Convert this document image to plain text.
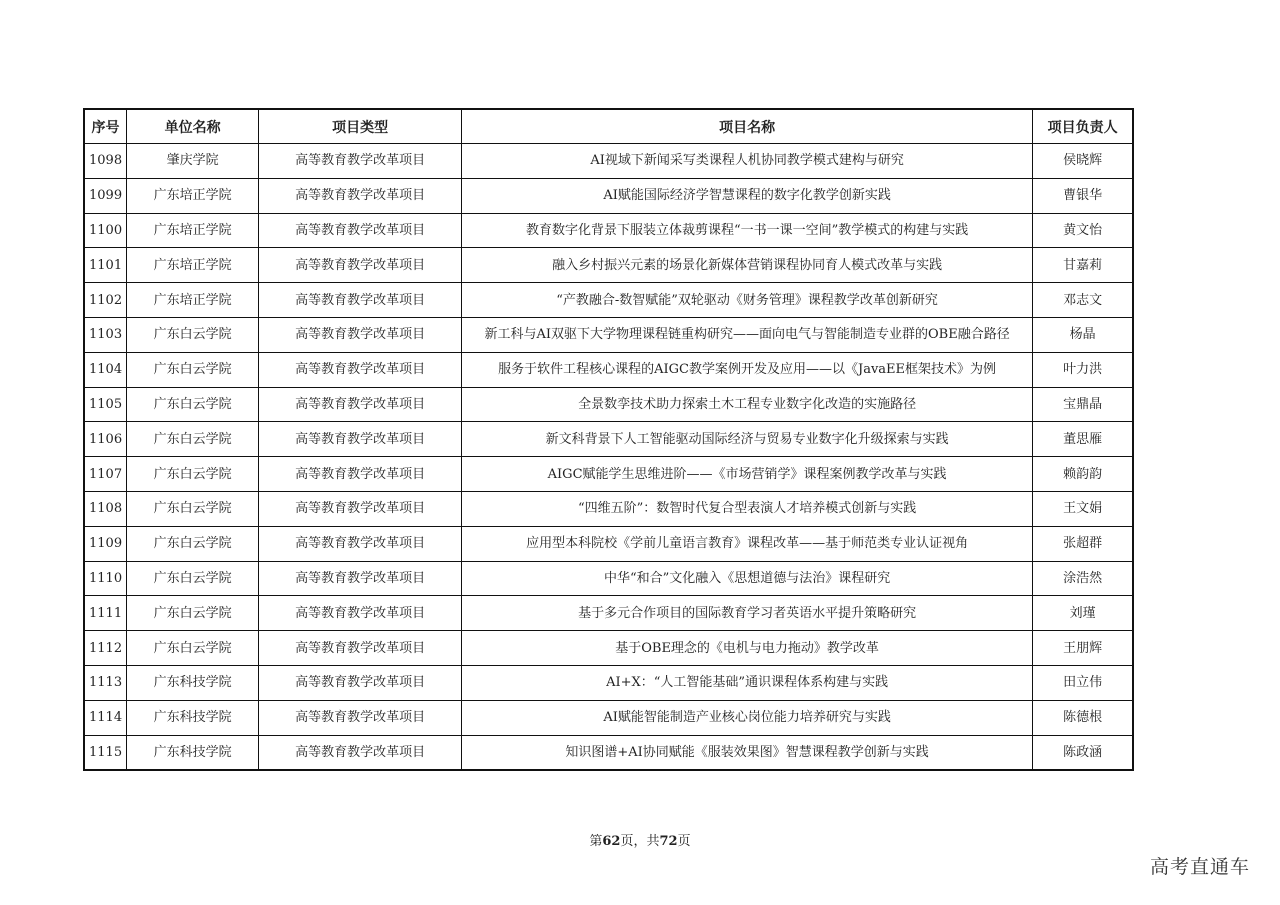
序号	单位名称	项目类型	项目名称	项目负责人
1098	肇庆学院	高等教育教学改革项目	AI视域下新闻采写类课程人机协同教学模式建构与研究	侯晓辉
1099	广东培正学院	高等教育教学改革项目	AI赋能国际经济学智慧课程的数字化教学创新实践	曹银华
1100	广东培正学院	高等教育教学改革项目	教育数字化背景下服装立体裁剪课程“一书一课一空间”教学模式的构建与实践	黄文怡
1101	广东培正学院	高等教育教学改革项目	融入乡村振兴元素的场景化新媒体营销课程协同育人模式改革与实践	甘嘉莉
1102	广东培正学院	高等教育教学改革项目	“产教融合-数智赋能”双轮驱动《财务管理》课程教学改革创新研究	邓志文
1103	广东白云学院	高等教育教学改革项目	新工科与AI双驱下大学物理课程链重构研究——面向电气与智能制造专业群的OBE融合路径	杨晶
1104	广东白云学院	高等教育教学改革项目	服务于软件工程核心课程的AIGC教学案例开发及应用——以《JavaEE框架技术》为例	叶力洪
1105	广东白云学院	高等教育教学改革项目	全景数孪技术助力探索土木工程专业数字化改造的实施路径	宝鼎晶
1106	广东白云学院	高等教育教学改革项目	新文科背景下人工智能驱动国际经济与贸易专业数字化升级探索与实践	董思雁
1107	广东白云学院	高等教育教学改革项目	AIGC赋能学生思维进阶——《市场营销学》课程案例教学改革与实践	赖韵韵
1108	广东白云学院	高等教育教学改革项目	“四维五阶”：数智时代复合型表演人才培养模式创新与实践	王文娟
1109	广东白云学院	高等教育教学改革项目	应用型本科院校《学前儿童语言教育》课程改革——基于师范类专业认证视角	张超群
1110	广东白云学院	高等教育教学改革项目	中华“和合”文化融入《思想道德与法治》课程研究	涂浩然
1111	广东白云学院	高等教育教学改革项目	基于多元合作项目的国际教育学习者英语水平提升策略研究	刘瑾
1112	广东白云学院	高等教育教学改革项目	基于OBE理念的《电机与电力拖动》教学改革	王朋辉
1113	广东科技学院	高等教育教学改革项目	AI+X：“人工智能基础”通识课程体系构建与实践	田立伟
1114	广东科技学院	高等教育教学改革项目	AI赋能智能制造产业核心岗位能力培养研究与实践	陈德根
1115	广东科技学院	高等教育教学改革项目	知识图谱+AI协同赋能《服装效果图》智慧课程教学创新与实践	陈政涵
第62页，共72页
高考直通车
